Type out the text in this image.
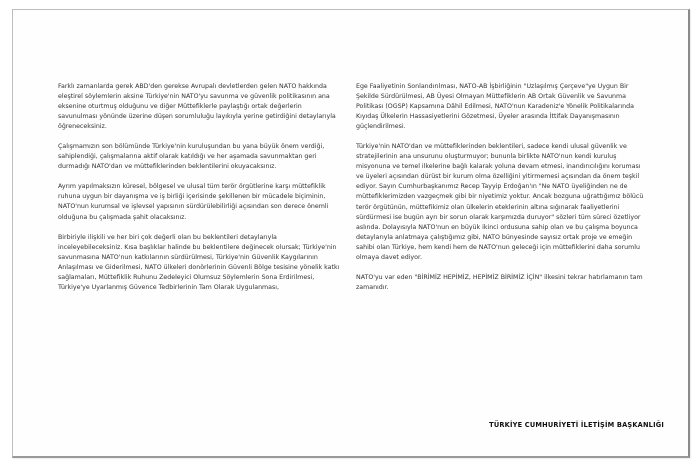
Farklı zamanlarda gerek ABD'den gerekse Avrupalı devletlerden gelen NATO hakkında eleştirel söylemlerin aksine Türkiye'nin NATO'yu savunma ve güvenlik politikasının ana eksenine oturtmuş olduğunu ve diğer Müttefiklerle paylaştığı ortak değerlerin savunulması yönünde üzerine düşen sorumluluğu layıkıyla yerine getirdiğini detaylarıyla öğreneceksiniz.

Çalışmamızın son bölümünde Türkiye'nin kuruluşundan bu yana büyük önem verdiği, sahiplendiği, çalışmalarına aktif olarak katıldığı ve her aşamada savunmaktan geri durmadığı NATO'dan ve müttefiklerinden beklentilerini okuyacaksınız.

Ayrım yapılmaksızın küresel, bölgesel ve ulusal tüm terör örgütlerine karşı müttefiklik ruhuna uygun bir dayanışma ve iş birliği içerisinde şekillenen bir mücadele biçiminin, NATO'nun kurumsal ve işlevsel yapısının sürdürülebilirliği açısından son derece önemli olduğuna bu çalışmada şahit olacaksınız.

Birbiriyle ilişkili ve her biri çok değerli olan bu beklentileri detaylarıyla inceleyebileceksiniz. Kısa başlıklar halinde bu beklentilere değinecek olursak; Türkiye'nin savunmasına NATO'nun katkılarının sürdürülmesi, Türkiye'nin Güvenlik Kaygılarının Anlaşılması ve Giderilmesi, NATO ülkeleri donörlerinin Güvenli Bölge tesisine yönelik katkı sağlamaları, Müttefiklik Ruhunu Zedeleyici Olumsuz Söylemlerin Sona Erdirilmesi, Türkiye'ye Uyarlanmış Güvence Tedbirlerinin Tam Olarak Uygulanması,

Ege Faaliyetinin Sonlandırılması, NATO-AB İşbirliğinin "Uzlaşılmış Çerçeve"ye Uygun Bir Şekilde Sürdürülmesi, AB Üyesi Olmayan Müttefiklerin AB Ortak Güvenlik ve Savunma Politikası (OGSP) Kapsamına Dâhil Edilmesi, NATO'nun Karadeniz'e Yönelik Politikalarında Kıyıdaş Ülkelerin Hassasiyetlerini Gözetmesi, Üyeler arasında İttifak Dayanışmasının güçlendirilmesi.

Türkiye'nin NATO'dan ve müttefiklerinden beklentileri, sadece kendi ulusal güvenlik ve stratejilerinin ana unsurunu oluşturmuyor; bununla birlikte NATO'nun kendi kuruluş misyonuna ve temel ilkelerine bağlı kalarak yoluna devam etmesi, inandırıcılığını koruması ve üyeleri açısından dürüst bir kurum olma özelliğini yitirmemesi açısından da önem teşkil ediyor. Sayın Cumhurbaşkanımız Recep Tayyip Erdoğan'ın "Ne NATO üyeliğinden ne de müttefiklerimizden vazgeçmek gibi bir niyetimiz yoktur. Ancak bozguna uğrattığımız bölücü terör örgütünün, müttefikimiz olan ülkelerin eteklerinin altına sığınarak faaliyetlerini sürdürmesi ise bugün ayrı bir sorun olarak karşımızda duruyor" sözleri tüm süreci özetliyor aslında. Dolayısıyla NATO'nun en büyük ikinci ordusuna sahip olan ve bu çalışma boyunca detaylarıyla anlatmaya çalıştığımız gibi, NATO bünyesinde sayısız ortak proje ve emeğin sahibi olan Türkiye, hem kendi hem de NATO'nun geleceği için müttefiklerini daha sorumlu olmaya davet ediyor.

NATO'yu var eden "BİRİMİZ HEPİMİZ, HEPİMİZ BİRİMİZ İÇİN" ilkesini tekrar hatırlamanın tam zamanıdır.

TÜRKİYE CUMHURİYETİ İLETİŞİM BAŞKANLIĞI
